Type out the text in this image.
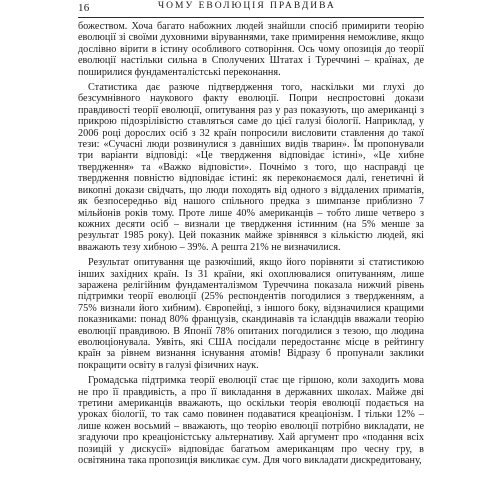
16	ЧОМУ ЕВОЛЮЦІЯ ПРАВДИВА

божеством. Хоча багато набожних людей знайшли спосіб примирити теорію еволюції зі своїми духовними віруваннями, таке примирення неможливе, якщо дослівно вірити в істину особливого сотворіння. Ось чому опозиція до теорії еволюції настільки сильна в Сполучених Штатах і Туреччині – країнах, де поширилися фундаменталістські переконання.

Статистика дає разюче підтвердження того, наскільки ми глухі до безсумнівного наукового факту еволюції. Попри неспростовні докази правдивості теорії еволюції, опитування раз у раз показують, що американці з прикрою підозрілівістю ставляться саме до цієї галузі біології. Наприклад, у 2006 році дорослих осіб з 32 країн попросили висловити ставлення до такої тези: «Сучасні люди розвинулися з давніших видів тварин». Їм пропонували три варіанти відповіді: «Це твердження відповідає істині», «Це хибне твердження» та «Важко відповісти». Почнімо з того, що насправді це твердження повністю відповідає істині: як переконаємося далі, генетичні й викопні докази свідчать, що люди походять від одного з віддалених приматів, як безпосередньо від нашого спільного предка з шимпанзе приблизно 7 мільйонів років тому. Проте лише 40% американців – тобто лише четверо з кожних десяти осіб – визнали це твердження істинним (на 5% менше за результат 1985 року). Цей показник майже зрівнявся з кількістю людей, які вважають тезу хибною – 39%. А решта 21% не визначилися.

Результат опитування ще разючіший, якщо його порівняти зі статистикою інших західних країн. Із 31 країни, які охоплювалися опитуванням, лише заражена релігійним фундаменталізмом Туреччина показала нижчий рівень підтримки теорії еволюції (25% респондентів погодилися з твердженням, а 75% визнали його хибним). Європейці, з іншого боку, відзначилися кращими показниками: понад 80% французів, скандинавів та ісландців вважали теорію еволюції правдивою. В Японії 78% опитаних погодилися з тезою, що людина еволюціонувала. Уявіть, які США посідали передостаннє місце в рейтингу країн за рівнем визнання існування атомів! Відразу б пропунали заклики покращити освіту в галузі фізичних наук.

Громадська підтримка теорії еволюції стає ще гіршою, коли заходить мова не про її правдивість, а про її викладання в державних школах. Майже дві третини американців вважають, що оскільки теорія еволюції подається на уроках біології, то так само повинен подаватися креаціонізм. І тільки 12% – лише кожен восьмий – вважають, що теорію еволюції потрібно викладати, не згадуючи про креаціоністську альтернативу. Хай аргумент про «подання всіх позицій у дискусії» відповідає багатьом американцям про чесну гру, в освітянина така пропозиція викликає сум. Для чого викладати дискредитовану,
